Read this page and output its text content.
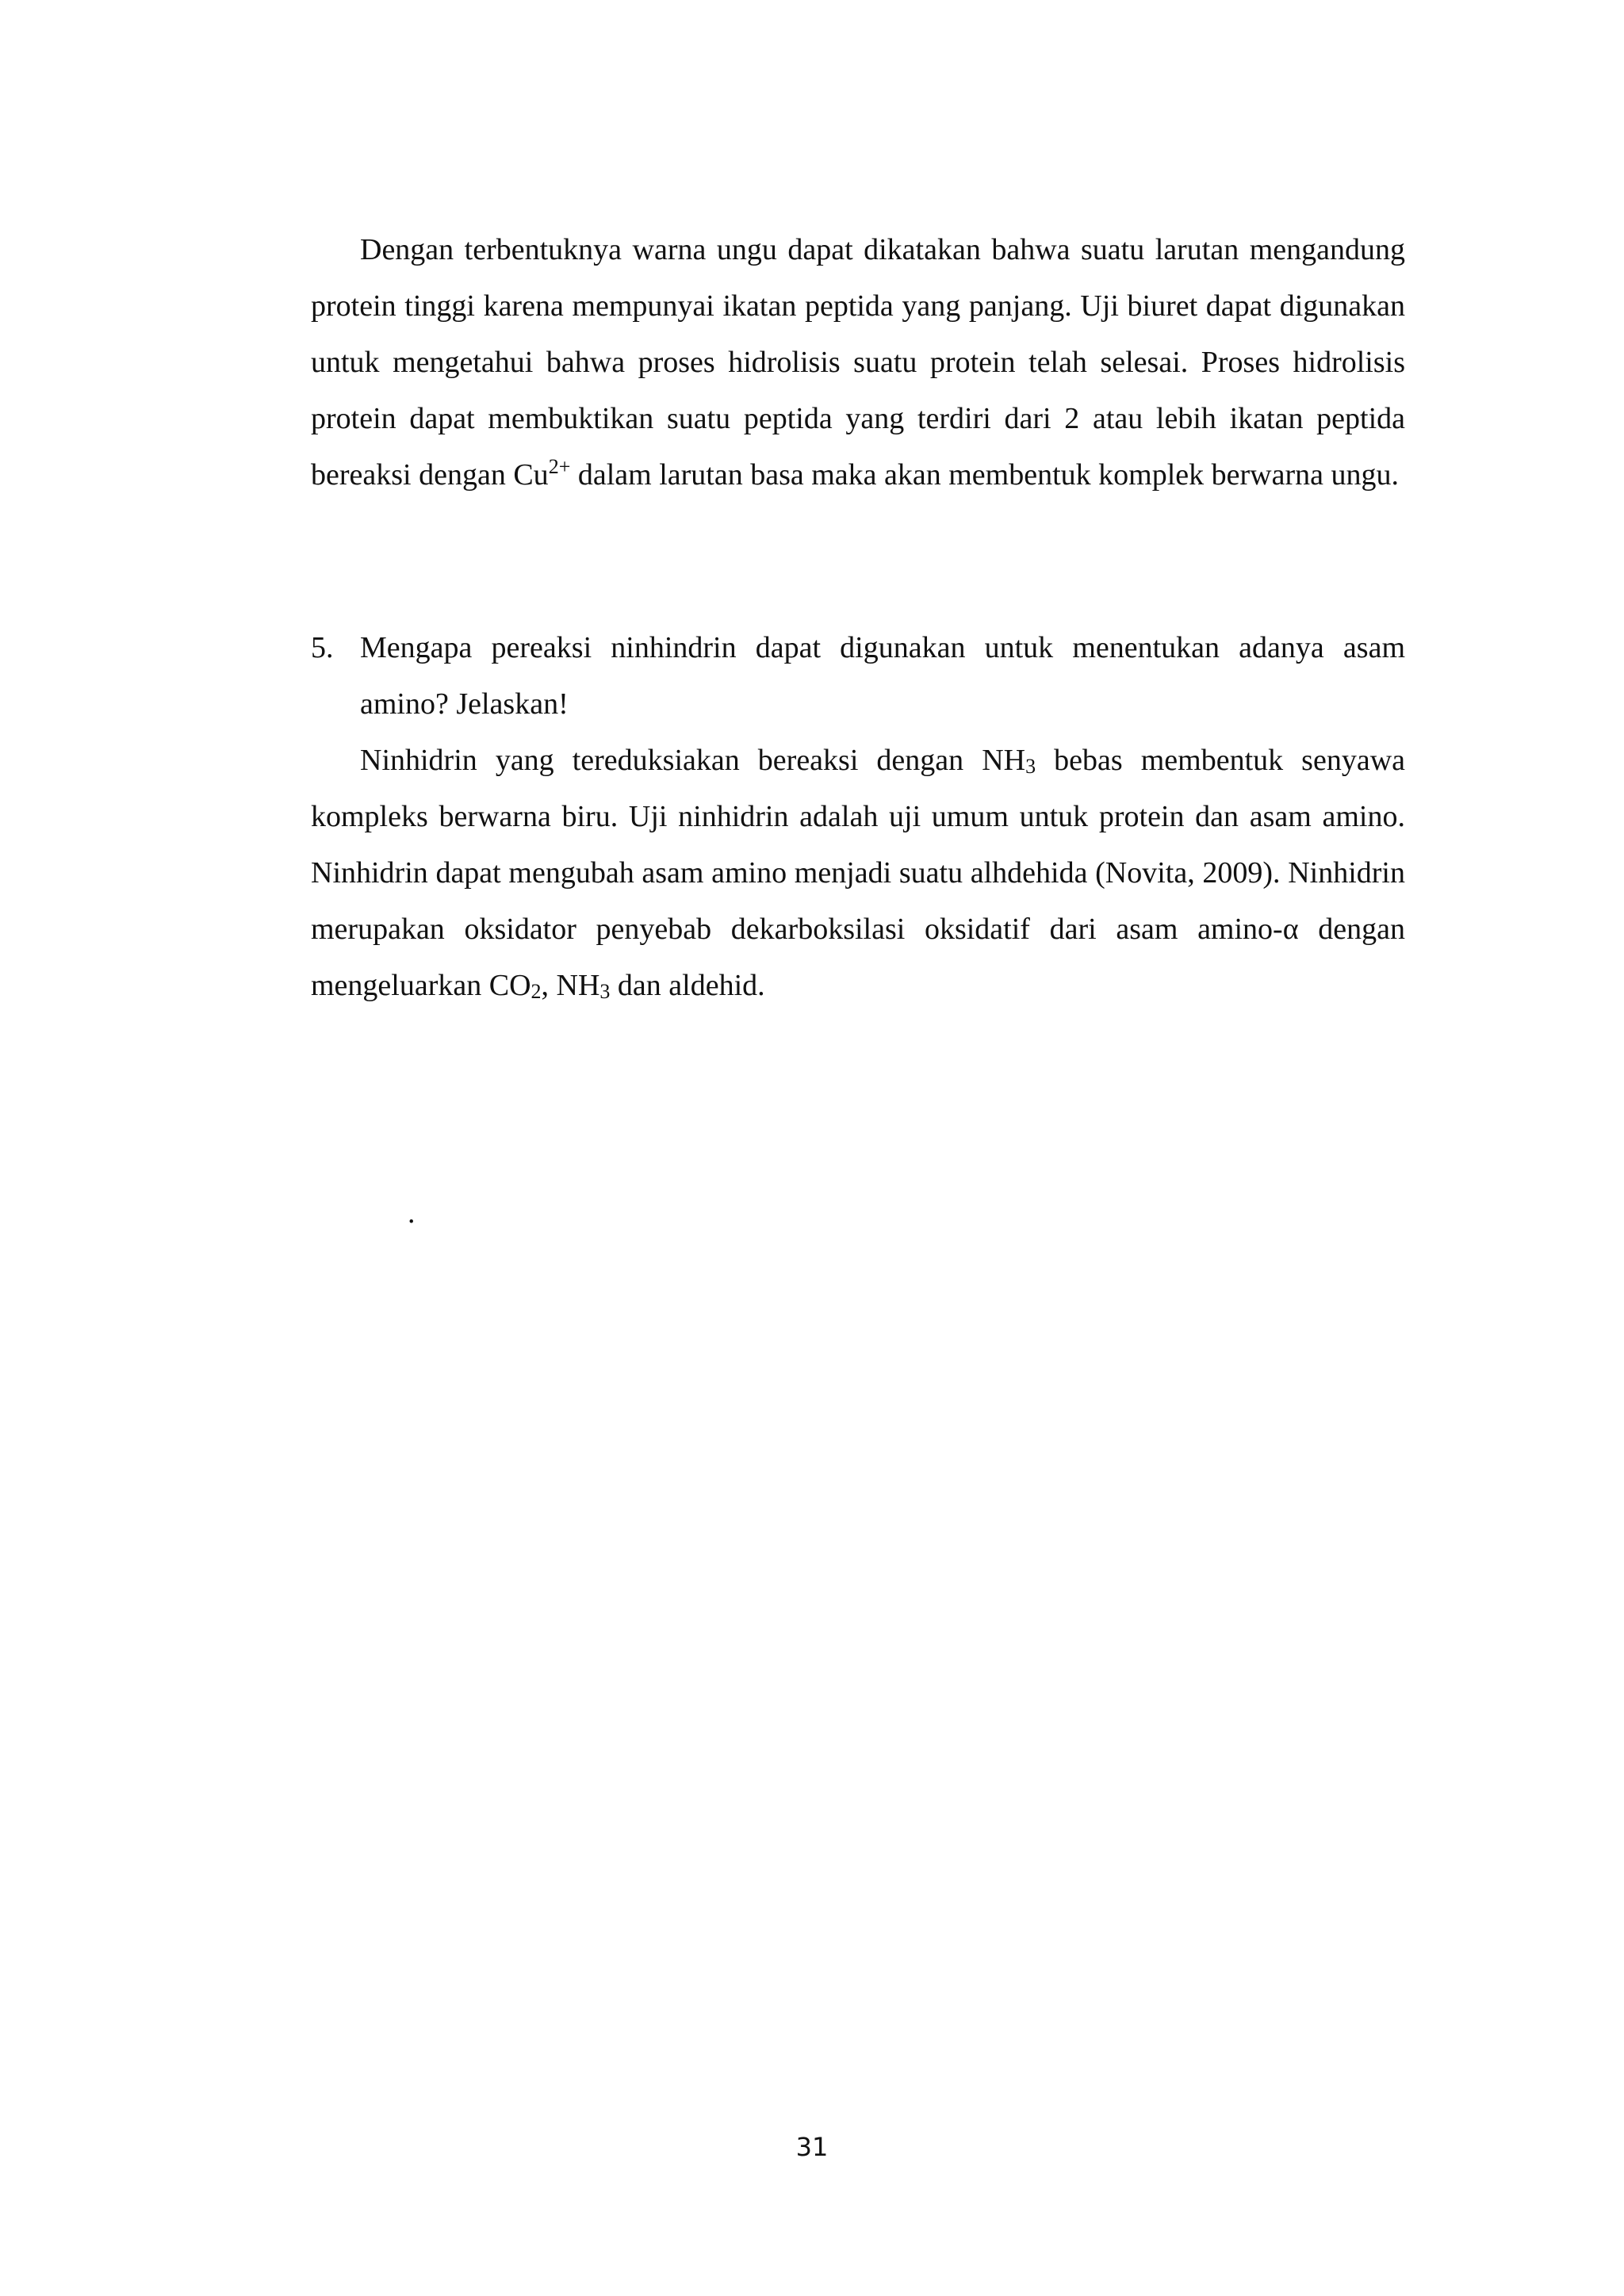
Dengan terbentuknya warna ungu dapat dikatakan bahwa suatu larutan mengandung protein tinggi karena mempunyai ikatan peptida yang panjang. Uji biuret dapat digunakan untuk mengetahui bahwa proses hidrolisis suatu protein telah selesai. Proses hidrolisis protein dapat membuktikan suatu peptida yang terdiri dari 2 atau lebih ikatan peptida bereaksi dengan $Cu^{2+}$ dalam larutan basa maka akan membentuk komplek berwarna ungu.

5. Mengapa pereaksi ninhindrin dapat digunakan untuk menentukan adanya asam amino? Jelaskan!

Ninhidrin yang tereduksiakan bereaksi dengan $NH_3$ bebas membentuk senyawa kompleks berwarna biru. Uji ninhidrin adalah uji umum untuk protein dan asam amino. Ninhidrin dapat mengubah asam amino menjadi suatu alhdehida (Novita, 2009). Ninhidrin merupakan oksidator penyebab dekarboksilasi oksidatif dari asam amino-α dengan mengeluarkan $CO_2$, $NH_3$ dan aldehid.

.
31
